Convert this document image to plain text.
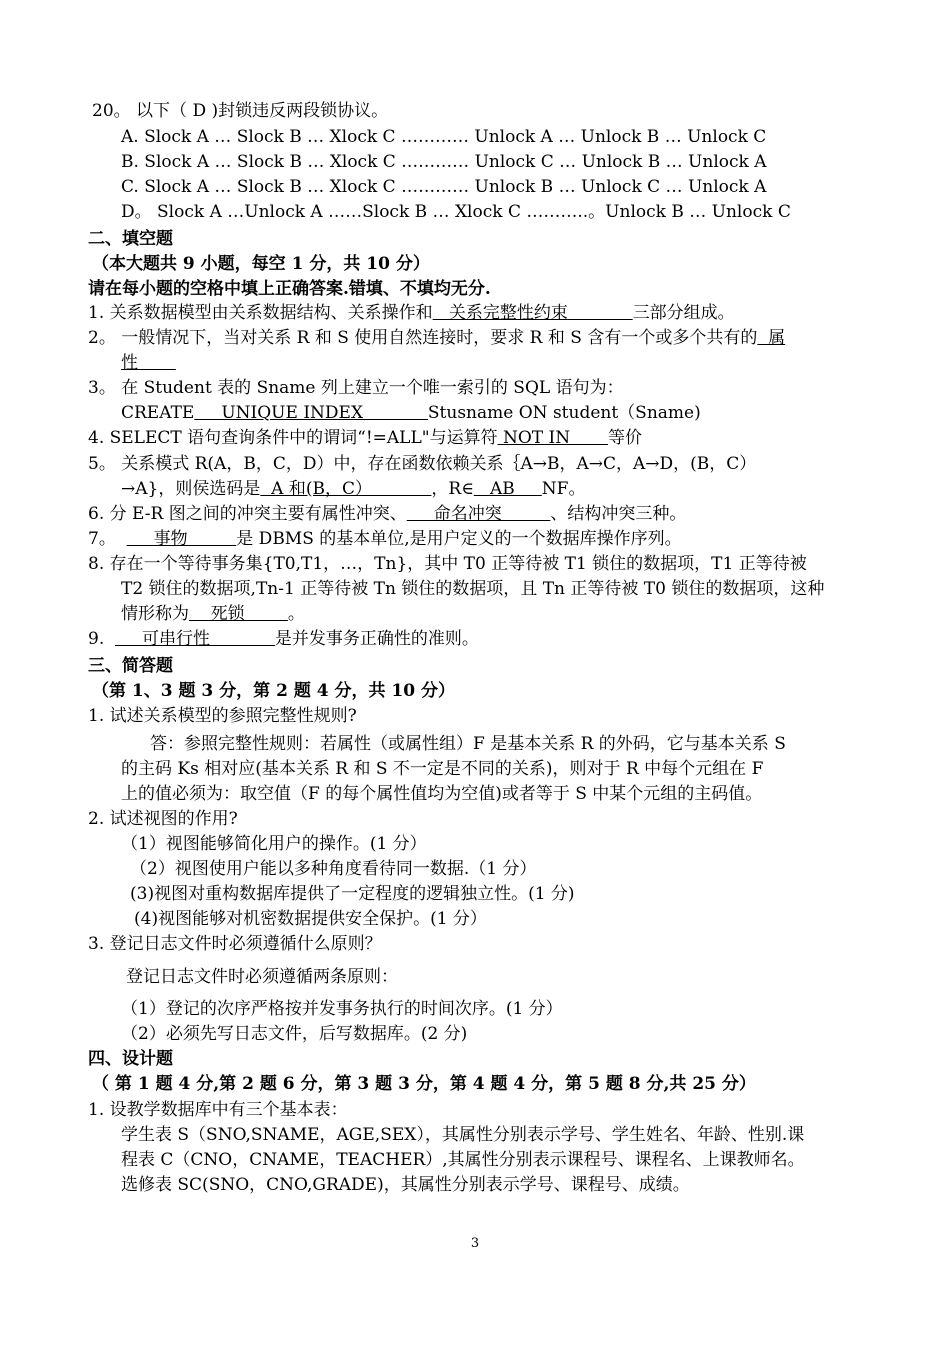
20。 以下（ D )封锁违反两段锁协议。
A. Slock A … Slock B … Xlock C ………… Unlock A … Unlock B … Unlock C
B. Slock A … Slock B … Xlock C ………… Unlock C … Unlock B … Unlock A
C. Slock A … Slock B … Xlock C ………… Unlock B … Unlock C … Unlock A
D。 Slock A …Unlock A ……Slock B … Xlock C ………..。Unlock B … Unlock C
二、填空题
（本大题共 9 小题，每空 1 分，共 10 分）
请在每小题的空格中填上正确答案.错填、不填均无分.
1. 关系数据模型由关系数据结构、关系操作和   关系完整性约束            三部分组成。
2。 一般情况下，当对关系 R 和 S 使用自然连接时，要求 R 和 S 含有一个或多个共有的  属
性
3。 在 Student 表的 Sname 列上建立一个唯一索引的 SQL 语句为：
CREATE     UNIQUE INDEX            Stusname ON student（Sname)
4. SELECT 语句查询条件中的谓词“!=ALL"与运算符 NOT IN       等价
5。 关系模式 R(A，B，C，D）中，存在函数依赖关系｛A→B，A→C，A→D，(B，C）
→A}，则侯选码是  A 和(B，C）           ，R∈   AB     NF。
6. 分 E-R 图之间的冲突主要有属性冲突、     命名冲突         、结构冲突三种。
7。       事物         是 DBMS 的基本单位,是用户定义的一个数据库操作序列。
8. 存在一个等待事务集{T0,T1，…，Tn}，其中 T0 正等待被 T1 锁住的数据项，T1 正等待被
T2 锁住的数据项,Tn-1 正等待被 Tn 锁住的数据项，且 Tn 正等待被 T0 锁住的数据项，这种
情形称为    死锁        。
9.       可串行性            是并发事务正确性的准则。
三、简答题
（第 1、3 题 3 分，第 2 题 4 分，共 10 分）
1. 试述关系模型的参照完整性规则?
答：参照完整性规则：若属性（或属性组）F 是基本关系 R 的外码，它与基本关系 S
的主码 Ks 相对应(基本关系 R 和 S 不一定是不同的关系)，则对于 R 中每个元组在 F
上的值必须为：取空值（F 的每个属性值均为空值)或者等于 S 中某个元组的主码值。
2. 试述视图的作用?
（1）视图能够简化用户的操作。(1 分）
（2）视图使用户能以多种角度看待同一数据.（1 分）
(3)视图对重构数据库提供了一定程度的逻辑独立性。(1 分)
(4)视图能够对机密数据提供安全保护。(1 分）
3. 登记日志文件时必须遵循什么原则？
登记日志文件时必须遵循两条原则：
（1）登记的次序严格按并发事务执行的时间次序。(1 分）
（2）必须先写日志文件，后写数据库。(2 分)
四、设计题
（ 第 1 题 4 分,第 2 题 6 分，第 3 题 3 分，第 4 题 4 分，第 5 题 8 分,共 25 分）
1. 设教学数据库中有三个基本表：
学生表 S（SNO,SNAME，AGE,SEX），其属性分别表示学号、学生姓名、年龄、性别.课
程表 C（CNO，CNAME，TEACHER）,其属性分别表示课程号、课程名、上课教师名。
选修表 SC(SNO，CNO,GRADE)，其属性分别表示学号、课程号、成绩。
3
